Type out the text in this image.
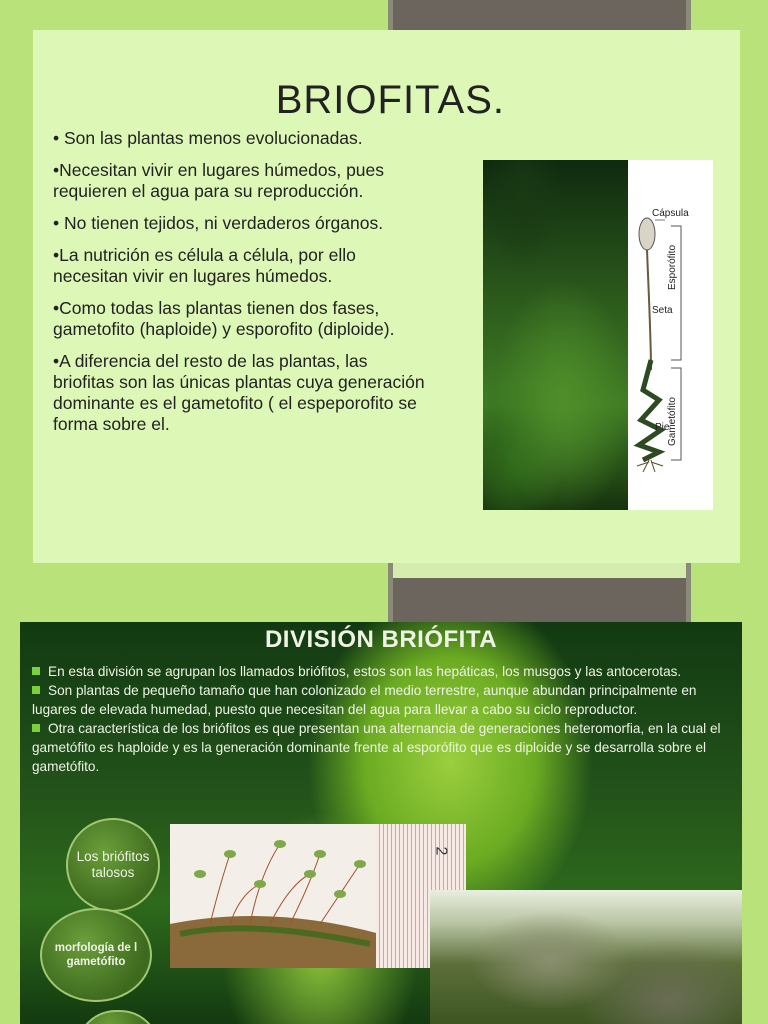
BRIOFITAS.

• Son las plantas menos evolucionadas.

•Necesitan vivir en lugares húmedos, pues requieren el agua para su reproducción.

• No tienen tejidos, ni verdaderos órganos.

•La nutrición es célula a célula, por ello necesitan vivir en lugares húmedos.

•Como todas las plantas tienen dos fases, gametofito (haploide) y esporofito (diploide).

•A diferencia del resto de las plantas, las briofitas son las únicas plantas cuya generación dominante es el gametofito ( el espeporofito se forma sobre el.

Cápsula
Seta
Pie
Esporófito
Gametófito
DIVISIÓN BRIÓFITA

En esta división se agrupan los llamados briófitos, estos son las hepáticas, los musgos y las antocerotas.

Son plantas de pequeño tamaño que han colonizado el medio terrestre, aunque abundan principalmente en lugares de elevada humedad, puesto que necesitan del agua para llevar a cabo su ciclo reproductor.

Otra característica de los briófitos es que presentan una alternancia de generaciones heteromorfia, en la cual el gametófito es haploide y es la generación dominante frente al esporófito que es diploide y se desarrolla sobre el gametófito.

Los briófitos talosos
morfología de l gametófito
2
